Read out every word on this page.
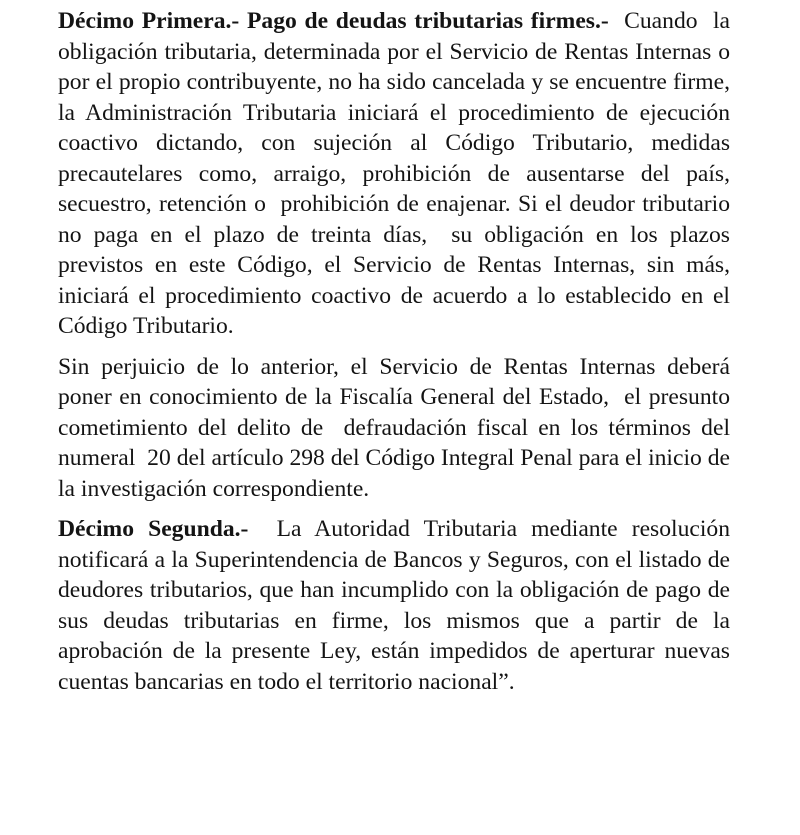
Décimo Primera.- Pago de deudas tributarias firmes.-  Cuando  la obligación tributaria, determinada por el Servicio de Rentas Internas o por el propio contribuyente, no ha sido cancelada y se encuentre firme, la Administración Tributaria iniciará el procedimiento de ejecución coactivo dictando, con sujeción al Código Tributario, medidas precautelares como, arraigo, prohibición de ausentarse del país, secuestro, retención o  prohibición de enajenar. Si el deudor tributario no paga en el plazo de treinta días,  su obligación en los plazos previstos en este Código, el Servicio de Rentas Internas, sin más, iniciará el procedimiento coactivo de acuerdo a lo establecido en el Código Tributario.

Sin perjuicio de lo anterior, el Servicio de Rentas Internas deberá poner en conocimiento de la Fiscalía General del Estado,  el presunto cometimiento del delito de  defraudación fiscal en los términos del numeral  20 del artículo 298 del Código Integral Penal para el inicio de la investigación correspondiente.

Décimo Segunda.-  La Autoridad Tributaria mediante resolución notificará a la Superintendencia de Bancos y Seguros, con el listado de deudores tributarios, que han incumplido con la obligación de pago de sus deudas tributarias en firme, los mismos que a partir de la aprobación de la presente Ley, están impedidos de aperturar nuevas cuentas bancarias en todo el territorio nacional”.
